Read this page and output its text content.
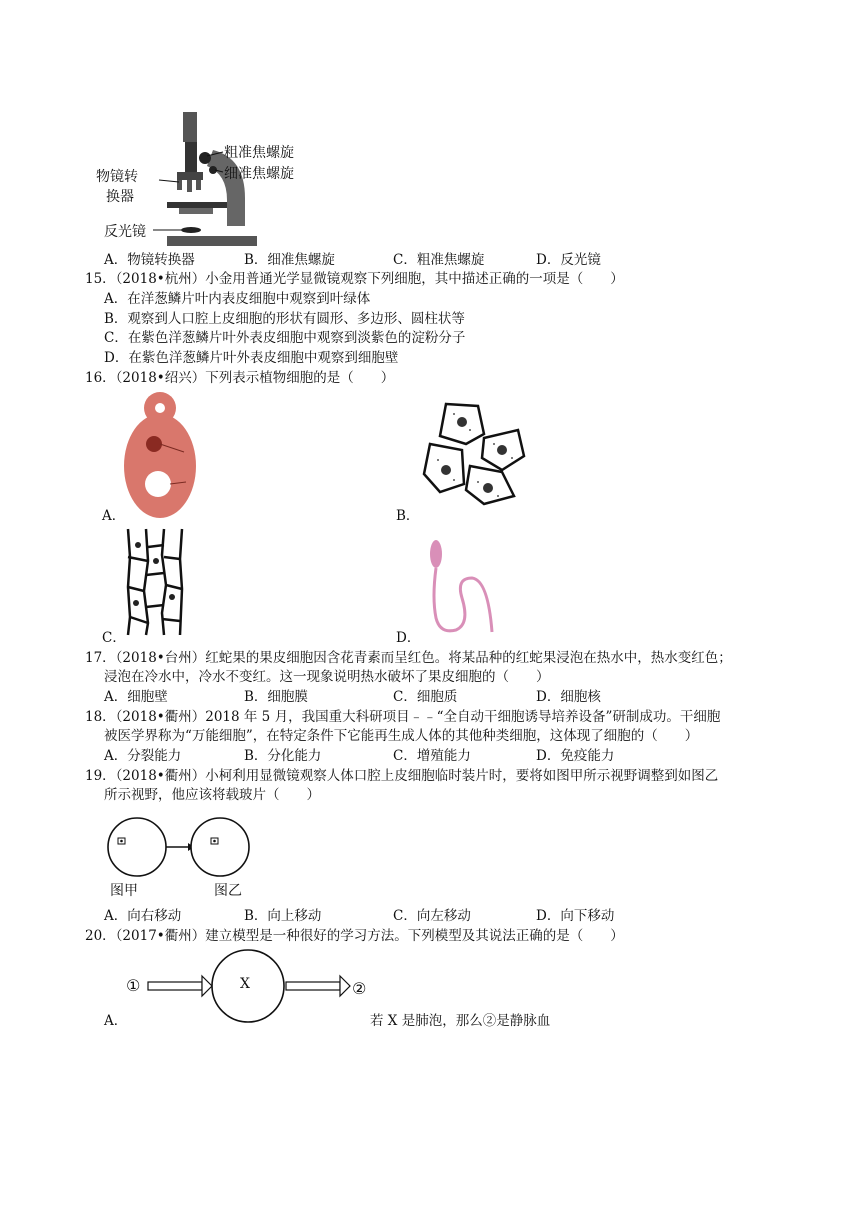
粗准焦螺旋
细准焦螺旋
物镜转
换器
反光镜
A．物镜转换器	B．细准焦螺旋	C．粗准焦螺旋	D．反光镜
15．（2018•杭州）小金用普通光学显微镜观察下列细胞，其中描述正确的一项是（　　）
A．在洋葱鳞片叶内表皮细胞中观察到叶绿体
B．观察到人口腔上皮细胞的形状有圆形、多边形、圆柱状等
C．在紫色洋葱鳞片叶外表皮细胞中观察到淡紫色的淀粉分子
D．在紫色洋葱鳞片叶外表皮细胞中观察到细胞壁
16．（2018•绍兴）下列表示植物细胞的是（　　）
A．	B．
C．	D．
17．（2018•台州）红蛇果的果皮细胞因含花青素而呈红色。将某品种的红蛇果浸泡在热水中，热水变红色；
浸泡在冷水中，冷水不变红。这一现象说明热水破坏了果皮细胞的（　　）
A．细胞壁	B．细胞膜	C．细胞质	D．细胞核
18．（2018•衢州）2018 年 5 月，我国重大科研项目﹣﹣“全自动干细胞诱导培养设备”研制成功。干细胞
被医学界称为“万能细胞”，在特定条件下它能再生成人体的其他种类细胞，这体现了细胞的（　　）
A．分裂能力	B．分化能力	C．增殖能力	D．免疫能力
19．（2018•衢州）小柯利用显微镜观察人体口腔上皮细胞临时装片时，要将如图甲所示视野调整到如图乙
所示视野，他应该将载玻片（　　）
图甲	图乙
A．向右移动	B．向上移动	C．向左移动	D．向下移动
20．（2017•衢州）建立模型是一种很好的学习方法。下列模型及其说法正确的是（　　）
①	X	②
A．	若 X 是肺泡，那么②是静脉血
